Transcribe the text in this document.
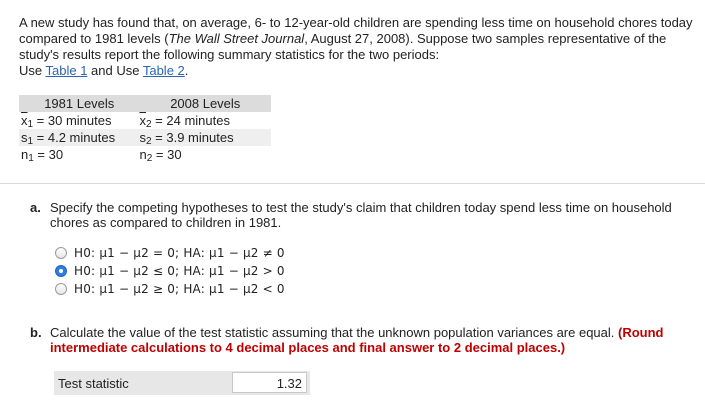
A new study has found that, on average, 6- to 12-year-old children are spending less time on household chores today compared to 1981 levels (The Wall Street Journal, August 27, 2008). Suppose two samples representative of the study's results report the following summary statistics for the two periods:
Use Table 1 and Use Table 2.
1981 Levels	2008 Levels
$\overline{x}1 = 30$ minutes	$\overline{x}2 = 24$ minutes
s1 = 4.2 minutes	s2 = 3.9 minutes
n1 = 30	n2 = 30
a. Specify the competing hypotheses to test the study's claim that children today spend less time on household chores as compared to children in 1981.
H0: μ1 − μ2 = 0; HA: μ1 − μ2 ≠ 0
H0: μ1 − μ2 ≤ 0; HA: μ1 − μ2 > 0
H0: μ1 − μ2 ≥ 0; HA: μ1 − μ2 < 0
b. Calculate the value of the test statistic assuming that the unknown population variances are equal. (Round intermediate calculations to 4 decimal places and final answer to 2 decimal places.)
Test statistic	1.32
